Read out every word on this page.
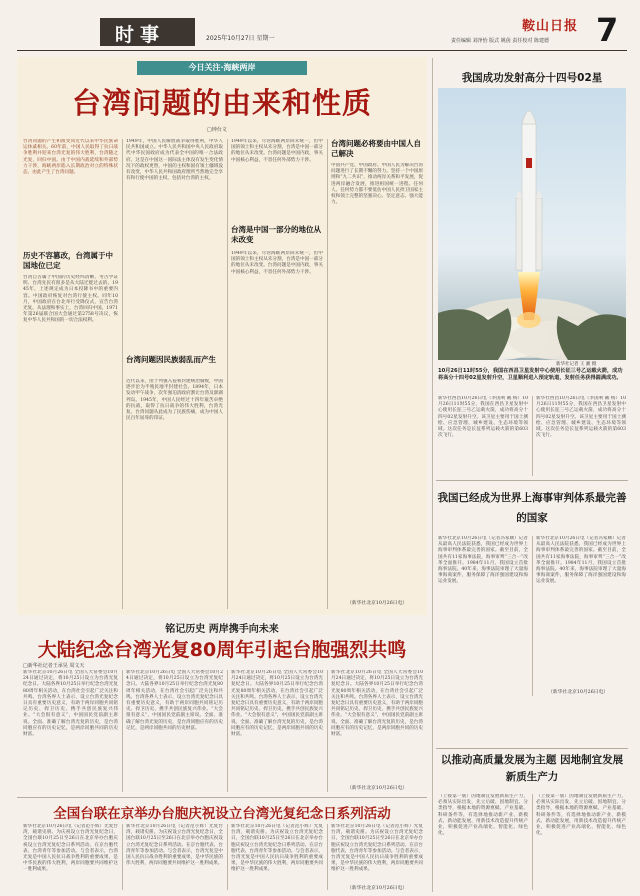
时事	2025年10月27日 星期一
鞍山日报 7
责任编辑 刘净怡 版式 姚茵 责任校对 陈建德
今日关注·海峡两岸
台湾问题的由来和性质
□钟台文
台湾问题的产生和演变同近代以来中华民族命运休戚相关。60年前，中国人民取得了抗日战争胜利并迎来台湾光复的伟大胜利，台湾随之光复，回归中国。由于中国内战延续和外部势力干涉，海峡两岸陷入长期政治对立的特殊状态，由此产生了台湾问题。
历史不容篡改，台湾属于中国地位已定
台湾自古属于中国的历史经纬清晰、考古学证明、台湾先民有很多是从大陆迁徙过去的。1945年，上述规定成为日本投降书中的重要内容。中国政府恢复对台湾行使主权。同年10月，中国政府在台北举行受降仪式，宣告台湾光复。从法理和事实上，台湾回归中国。1971年第26届联合国大会通过第2758号决议，恢复中华人民共和国的一切合法权利。
1949年，中国人民解放战争取得胜利，中华人民共和国成立。中华人民共和国中央人民政府取代中华民国政府成为代表全中国的唯一合法政府。这是在中国这一国际法主体没有发生变化情况下的政权更替，中国的主权和固有领土疆域没有改变，中华人民共和国政府理所当然地完全享有和行使中国的主权，包括对台湾的主权。
台湾问题因民族弱乱而产生
近代以来，由于列强入侵和封建统治腐败，中国逐步沦为半殖民地半封建社会。1894年，日本发动甲午战争，次年强迫清政府割让台湾及澎湖列岛。1945年，中国人民经过十四年艰苦卓绝的抗战，取得了抗日战争的伟大胜利，台湾光复。台湾问题从此成为了民族伤痛，成为中国人民百年屈辱的印证。
1949年以来，尽管海峡两岸尚未统一，但中国的领土和主权从未分割，台湾是中国一部分的地位从未改变。台湾问题是中国内政，事关中国核心利益，不容任何外部势力干涉。
台湾是中国一部分的地位从未改变
1949年以来，尽管海峡两岸尚未统一，但中国的领土和主权从未分割，台湾是中国一部分的地位从未改变。台湾问题是中国内政，事关中国核心利益，不容任何外部势力干涉。
台湾问题必将要由中国人自己解决
中国共产党、中国政府、中国人民为解决台湾问题进行了长期不懈的努力。坚持一个中国原则和“九二共识”，推动两岸关系和平发展，促进两岸融合发展，推进祖国统一进程。任何人、任何势力都不要低估中国人民捍卫国家主权和领土完整的坚强决心、坚定意志、强大能力。
（新华社北京10月26日电）
铭记历史 两岸携手向未来
大陆纪念台湾光复80周年引起台胞强烈共鸣
□新华社记者王承昊 周文天
新华社北京10月26日电 全国人大常委会10月24日通过决定，将10月25日设立为台湾光复纪念日。大陆各界10月25日举行纪念台湾光复80周年相关活动，在台湾社会引起广泛关注和共鸣。台湾各界人士表示，设立台湾光复纪念日具有重要历史意义，有助于两岸同胞共同铭记历史、捍卫历史、携手共创民族复兴伟业。“大会很有意义”，中国国民党前副主席说。全面、准确了解台湾光复的历史，是台湾同胞应有的历史记忆，是两岸同胞共同的历史财富。
新华社北京10月26日电 全国人大常委会10月24日通过决定，将10月25日设立为台湾光复纪念日。大陆各界10月25日举行纪念台湾光复80周年相关活动，在台湾社会引起广泛关注和共鸣。台湾各界人士表示，设立台湾光复纪念日具有重要历史意义，有助于两岸同胞共同铭记历史、捍卫历史、携手共创民族复兴伟业。“大会很有意义”，中国国民党前副主席说。全面、准确了解台湾光复的历史，是台湾同胞应有的历史记忆，是两岸同胞共同的历史财富。
新华社北京10月26日电 全国人大常委会10月24日通过决定，将10月25日设立为台湾光复纪念日。大陆各界10月25日举行纪念台湾光复80周年相关活动，在台湾社会引起广泛关注和共鸣。台湾各界人士表示，设立台湾光复纪念日具有重要历史意义，有助于两岸同胞共同铭记历史、捍卫历史、携手共创民族复兴伟业。“大会很有意义”，中国国民党前副主席说。全面、准确了解台湾光复的历史，是台湾同胞应有的历史记忆，是两岸同胞共同的历史财富。
新华社北京10月26日电 全国人大常委会10月24日通过决定，将10月25日设立为台湾光复纪念日。大陆各界10月25日举行纪念台湾光复80周年相关活动，在台湾社会引起广泛关注和共鸣。台湾各界人士表示，设立台湾光复纪念日具有重要历史意义，有助于两岸同胞共同铭记历史、捍卫历史、携手共创民族复兴伟业。“大会很有意义”，中国国民党前副主席说。全面、准确了解台湾光复的历史，是台湾同胞应有的历史记忆，是两岸同胞共同的历史财富。
（新华社北京10月26日电）
全国台联在京举办台胞庆祝设立台湾光复纪念日系列活动
新华社北京10月26日电（记者范小辉）光复台湾，载诸史册。为庆祝设立台湾光复纪念日，全国台联10月25日至26日在北京举办台胞庆祝设立台湾光复纪念日系列活动。在京台胞代表、台湾青年等参加活动。与会者表示，台湾光复是中国人民抗日战争胜利的重要成果，是中华民族的伟大胜利，两岸同胞要共同维护这一胜利成果。
新华社北京10月26日电（记者范小辉）光复台湾，载诸史册。为庆祝设立台湾光复纪念日，全国台联10月25日至26日在北京举办台胞庆祝设立台湾光复纪念日系列活动。在京台胞代表、台湾青年等参加活动。与会者表示，台湾光复是中国人民抗日战争胜利的重要成果，是中华民族的伟大胜利，两岸同胞要共同维护这一胜利成果。
新华社北京10月26日电（记者范小辉）光复台湾，载诸史册。为庆祝设立台湾光复纪念日，全国台联10月25日至26日在北京举办台胞庆祝设立台湾光复纪念日系列活动。在京台胞代表、台湾青年等参加活动。与会者表示，台湾光复是中国人民抗日战争胜利的重要成果，是中华民族的伟大胜利，两岸同胞要共同维护这一胜利成果。
新华社北京10月26日电（记者范小辉）光复台湾，载诸史册。为庆祝设立台湾光复纪念日，全国台联10月25日至26日在北京举办台胞庆祝设立台湾光复纪念日系列活动。在京台胞代表、台湾青年等参加活动。与会者表示，台湾光复是中国人民抗日战争胜利的重要成果，是中华民族的伟大胜利，两岸同胞要共同维护这一胜利成果。
（新华社北京10月26日电）
我国成功发射高分十四号02星
新华社记者 王 湘 摄
10月26日11时55分，我国在西昌卫星发射中心使用长征三号乙运载火箭，成功将高分十四号02星发射升空，卫星顺利进入预定轨道，发射任务获得圆满成功。
新华社西昌10月26日电（李国利 戴 杨）10月26日11时55分，我国在西昌卫星发射中心使用长征三号乙运载火箭，成功将高分十四号02星发射升空。该卫星主要用于国土测绘、应急管理、城乡建设、生态环境等领域。这次任务是长征系列运载火箭的第603次飞行。
新华社西昌10月26日电（李国利 戴 杨）10月26日11时55分，我国在西昌卫星发射中心使用长征三号乙运载火箭，成功将高分十四号02星发射升空。该卫星主要用于国土测绘、应急管理、城乡建设、生态环境等领域。这次任务是长征系列运载火箭的第603次飞行。
我国已经成为世界上海事审判体系最完善的国家
新华社北京10月26日电（记者冯家顺）记者从最高人民法院获悉，我国已经成为世界上海事审判体系最完善的国家。截至目前，全国共有11家海事法院，海事审判“三合一”改革全面推开。1984年11月，我国设立首批海事法院。40年来，海事法院审理了大量海事海商案件，服务保障了海洋强国建设和海运业发展。
新华社北京10月26日电（记者冯家顺）记者从最高人民法院获悉，我国已经成为世界上海事审判体系最完善的国家。截至目前，全国共有11家海事法院，海事审判“三合一”改革全面推开。1984年11月，我国设立首批海事法院。40年来，海事法院审理了大量海事海商案件，服务保障了海洋强国建设和海运业发展。
（新华社北京10月26日电）
以推动高质量发展为主题 因地制宜发展新质生产力
（上接第一版）因地制宜发展新质生产力，必须从实际出发，先立后破、因地制宜、分类指导，根据本地的资源禀赋、产业基础、科研条件等，有选择地推动新产业、新模式、新动能发展，用新技术改造提升传统产业，积极促进产业高端化、智能化、绿色化。
（上接第一版）因地制宜发展新质生产力，必须从实际出发，先立后破、因地制宜、分类指导，根据本地的资源禀赋、产业基础、科研条件等，有选择地推动新产业、新模式、新动能发展，用新技术改造提升传统产业，积极促进产业高端化、智能化、绿色化。
